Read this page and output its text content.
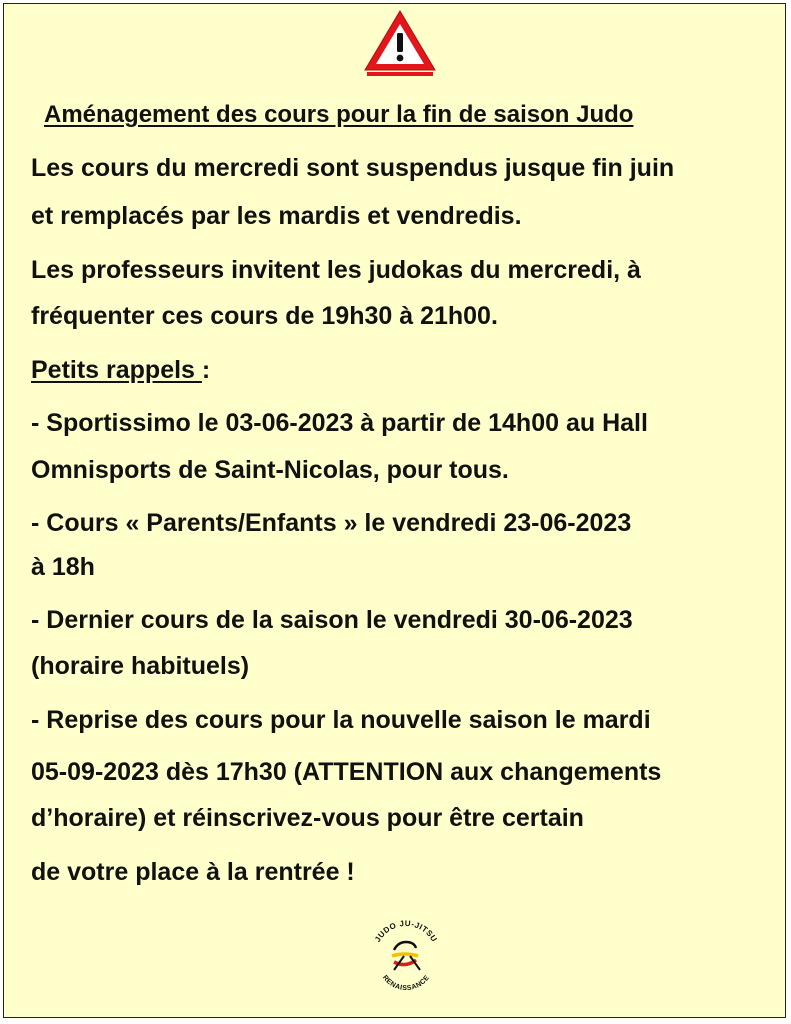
Aménagement des cours pour la fin de saison Judo

Les cours du mercredi sont suspendus jusque fin juin

et remplacés par les mardis et vendredis.

Les professeurs invitent les judokas du mercredi, à

fréquenter ces cours de 19h30 à 21h00.

Petits rappels :

- Sportissimo le 03-06-2023 à partir de 14h00 au Hall

Omnisports de Saint-Nicolas, pour tous.

- Cours « Parents/Enfants » le vendredi 23-06-2023

à 18h

- Dernier cours de la saison le vendredi 30-06-2023

(horaire habituels)

- Reprise des cours pour la nouvelle saison le mardi

05-09-2023 dès 17h30 (ATTENTION aux changements

d’horaire) et réinscrivez-vous pour être certain

de votre place à la rentrée !

JUDO JU-JITSU
RENAISSANCE
